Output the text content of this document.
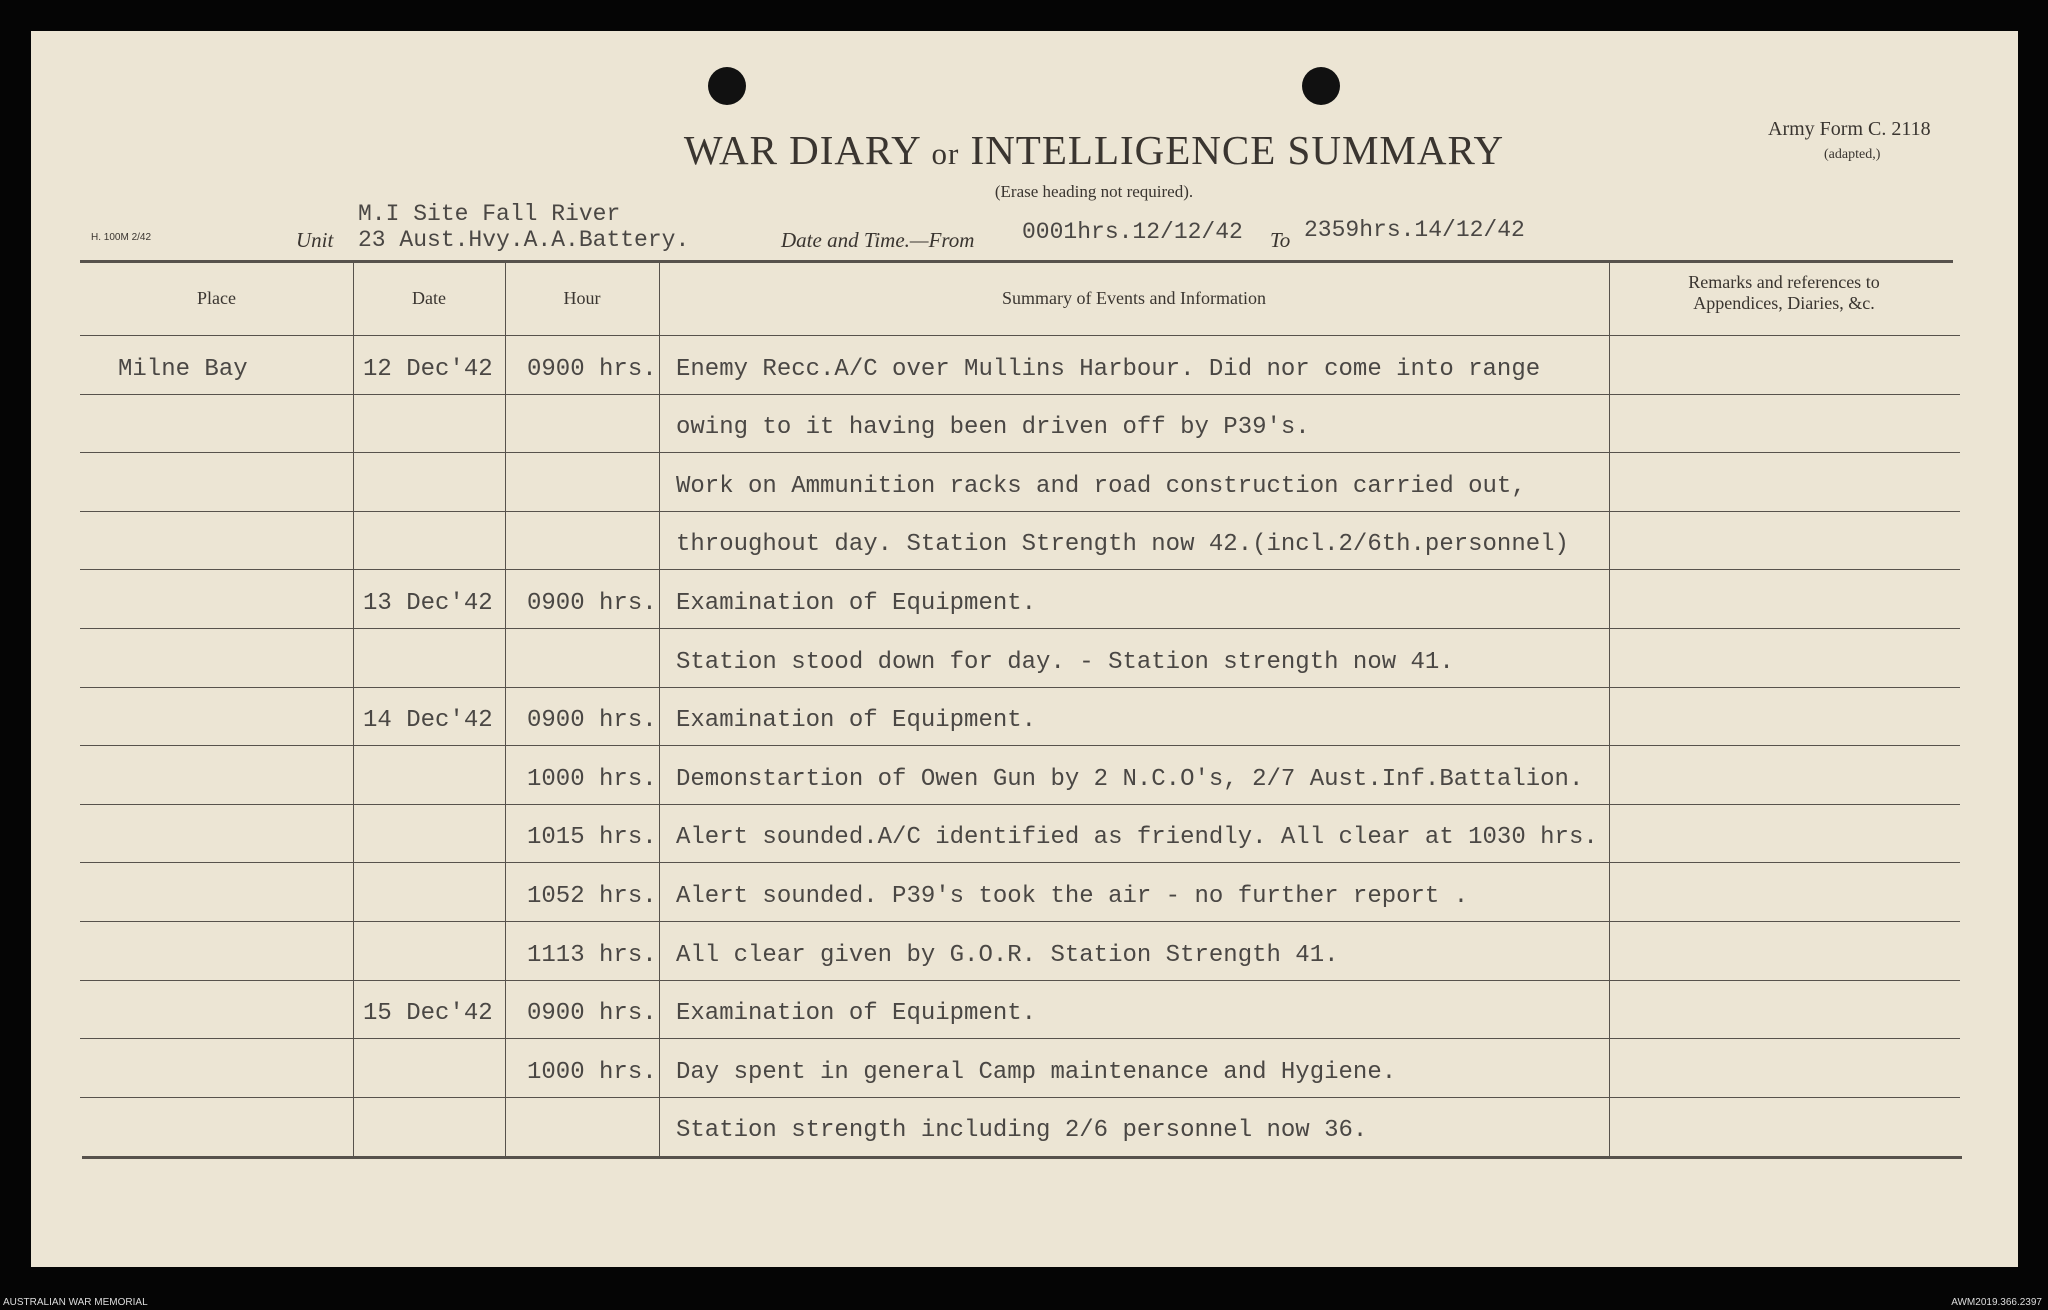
WAR DIARY or INTELLIGENCE SUMMARY
(Erase heading not required).
Army Form C. 2118
(adapted,)
H. 100M 2/42	Unit
M.I Site Fall River
23 Aust.Hvy.A.A.Battery.	Date and Time.—From 0001hrs.12/12/42 To 2359hrs.14/12/42
Place	Date	Hour	Summary of Events and Information
Remarks and references to
Appendices, Diaries, &c.
Milne Bay	12 Dec'42 0900 hrs. Enemy Recc.A/C over Mullins Harbour. Did nor come into range
owing to it having been driven off by P39's.
Work on Ammunition racks and road construction carried out,
throughout day. Station Strength now 42.(incl.2/6th.personnel)
13 Dec'42 0900 hrs. Examination of Equipment.
Station stood down for day. - Station strength now 41.
14 Dec'42 0900 hrs. Examination of Equipment.
1000 hrs. Demonstartion of Owen Gun by 2 N.C.O's, 2/7 Aust.Inf.Battalion.
1015 hrs. Alert sounded.A/C identified as friendly. All clear at 1030 hrs.
1052 hrs. Alert sounded. P39's took the air - no further report .
1113 hrs. All clear given by G.O.R. Station Strength 41.
15 Dec'42 0900 hrs. Examination of Equipment.
1000 hrs. Day spent in general Camp maintenance and Hygiene.
Station strength including 2/6 personnel now 36.
AUSTRALIAN WAR MEMORIAL	AWM2019.366.2397
